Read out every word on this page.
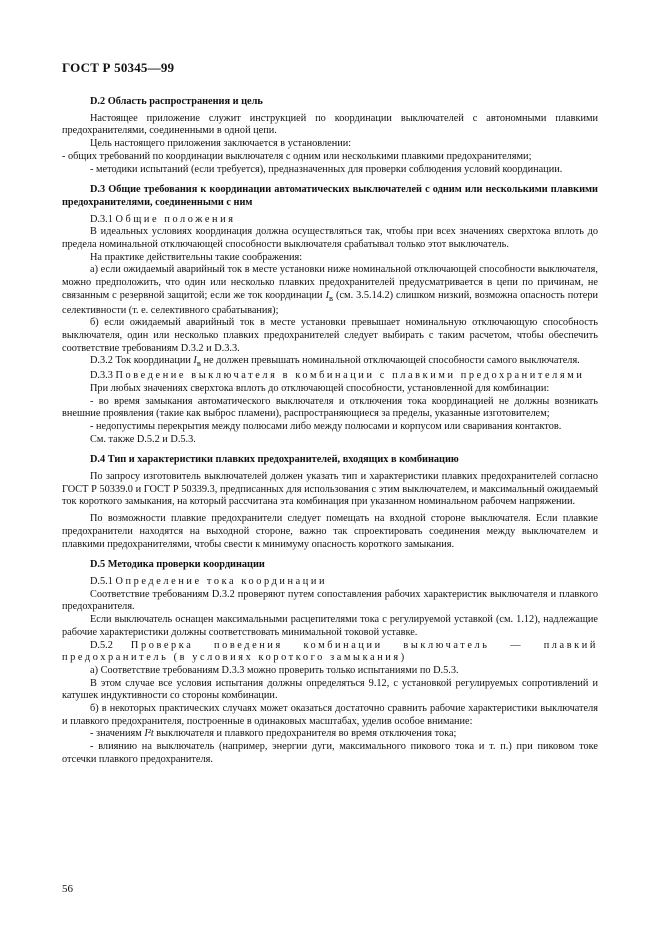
ГОСТ Р 50345—99
D.2 Область распространения и цель

Настоящее приложение служит инструкцией по координации выключателей с автономными плавкими предохранителями, соединенными в одной цепи.

Цель настоящего приложения заключается в установлении:

- общих требований по координации выключателя с одним или несколькими плавкими предохранителями;

- методики испытаний (если требуется), предназначенных для проверки соблюдения условий координации.

D.3 Общие требования к координации автоматических выключателей с одним или несколькими плавкими предохранителями, соединенными с ним

D.3.1 Общие положения

В идеальных условиях координация должна осуществляться так, чтобы при всех значениях сверхтока вплоть до предела номинальной отключающей способности выключателя срабатывал только этот выключатель.

На практике действительны такие соображения:

а) если ожидаемый аварийный ток в месте установки ниже номинальной отключающей способности выключателя, можно предположить, что один или несколько плавких предохранителей предусматривается в цепи по причинам, не связанным с резервной защитой; если же ток координации $I_в$ (см. 3.5.14.2) слишком низкий, возможна опасность потери селективности (т. е. селективного срабатывания);

б) если ожидаемый аварийный ток в месте установки превышает номинальную отключающую способность выключателя, один или несколько плавких предохранителей следует выбирать с таким расчетом, чтобы обеспечить соответствие требованиям D.3.2 и D.3.3.

D.3.2 Ток координации $I_в$ не должен превышать номинальной отключающей способности самого выключателя.

D.3.3 Поведение выключателя в комбинации с плавкими предохранителями

При любых значениях сверхтока вплоть до отключающей способности, установленной для комбинации:

- во время замыкания автоматического выключателя и отключения тока координацией не должны возникать внешние проявления (такие как выброс пламени), распространяющиеся за пределы, указанные изготовителем;

- недопустимы перекрытия между полюсами либо между полюсами и корпусом или сваривания контактов.

См. также D.5.2 и D.5.3.

D.4 Тип и характеристики плавких предохранителей, входящих в комбинацию

По запросу изготовитель выключателей должен указать тип и характеристики плавких предохранителей согласно ГОСТ Р 50339.0 и ГОСТ Р 50339.3, предписанных для использования с этим выключателем, и максимальный ожидаемый ток короткого замыкания, на который рассчитана эта комбинация при указанном номинальном рабочем напряжении.

По возможности плавкие предохранители следует помещать на входной стороне выключателя. Если плавкие предохранители находятся на выходной стороне, важно так спроектировать соединения между выключателем и плавкими предохранителями, чтобы свести к минимуму опасность короткого замыкания.

D.5 Методика проверки координации

D.5.1 Определение тока координации

Соответствие требованиям D.3.2 проверяют путем сопоставления рабочих характеристик выключателя и плавкого предохранителя.

Если выключатель оснащен максимальными расцепителями тока с регулируемой уставкой (см. 1.12), надлежащие рабочие характеристики должны соответствовать минимальной токовой уставке.

D.5.2 Проверка поведения комбинации выключатель — плавкий предохранитель (в условиях короткого замыкания)

а) Соответствие требованиям D.3.3 можно проверить только испытаниями по D.5.3.

В этом случае все условия испытания должны определяться 9.12, с установкой регулируемых сопротивлений и катушек индуктивности со стороны комбинации.

б) в некоторых практических случаях может оказаться достаточно сравнить рабочие характеристики выключателя и плавкого предохранителя, построенные в одинаковых масштабах, уделив особое внимание:

- значениям I²t выключателя и плавкого предохранителя во время отключения тока;

- влиянию на выключатель (например, энергии дуги, максимального пикового тока и т. п.) при пиковом токе отсечки плавкого предохранителя.

56
